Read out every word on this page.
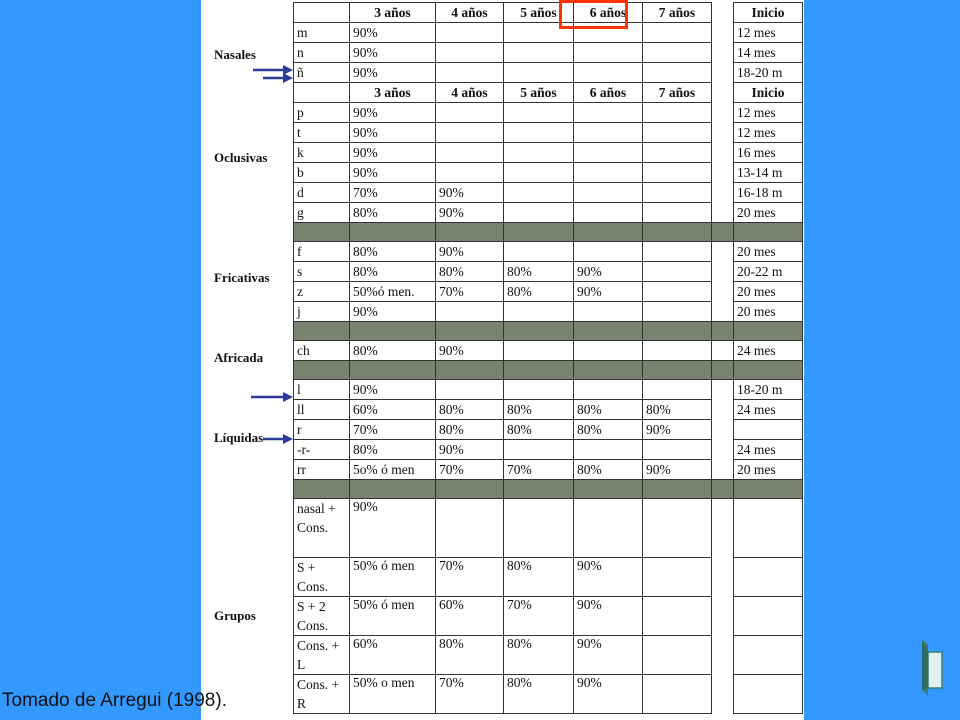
Nasales
Oclusivas
Fricativas
Africada
Líquidas
Grupos
	3 años	4 años	5 años	6 años	7 años		Inicio
m	90%						12 mes
n	90%						14 mes
ñ	90%						18-20 m
	3 años	4 años	5 años	6 años	7 años		Inicio
p	90%						12 mes
t	90%						12 mes
k	90%						16 mes
b	90%						13-14 m
d	70%	90%					16-18 m
g	80%	90%					20 mes

f	80%	90%					20 mes
s	80%	80%	80%	90%			20-22 m
z	50%ó men.	70%	80%	90%			20 mes
j	90%						20 mes

ch	80%	90%					24 mes

l	90%						18-20 m
ll	60%	80%	80%	80%	80%		24 mes
r	70%	80%	80%	80%	90%		
-r-	80%	90%					24 mes
rr	5o% ó men	70%	70%	80%	90%		20 mes

nasal + Cons.	90%						
S + Cons.	50% ó men	70%	80%	90%			
S + 2 Cons.	50% ó men	60%	70%	90%			
Cons. + L	60%	80%	80%	90%			
Cons. + R	50% o men	70%	80%	90%			
Tomado de Arregui (1998).
